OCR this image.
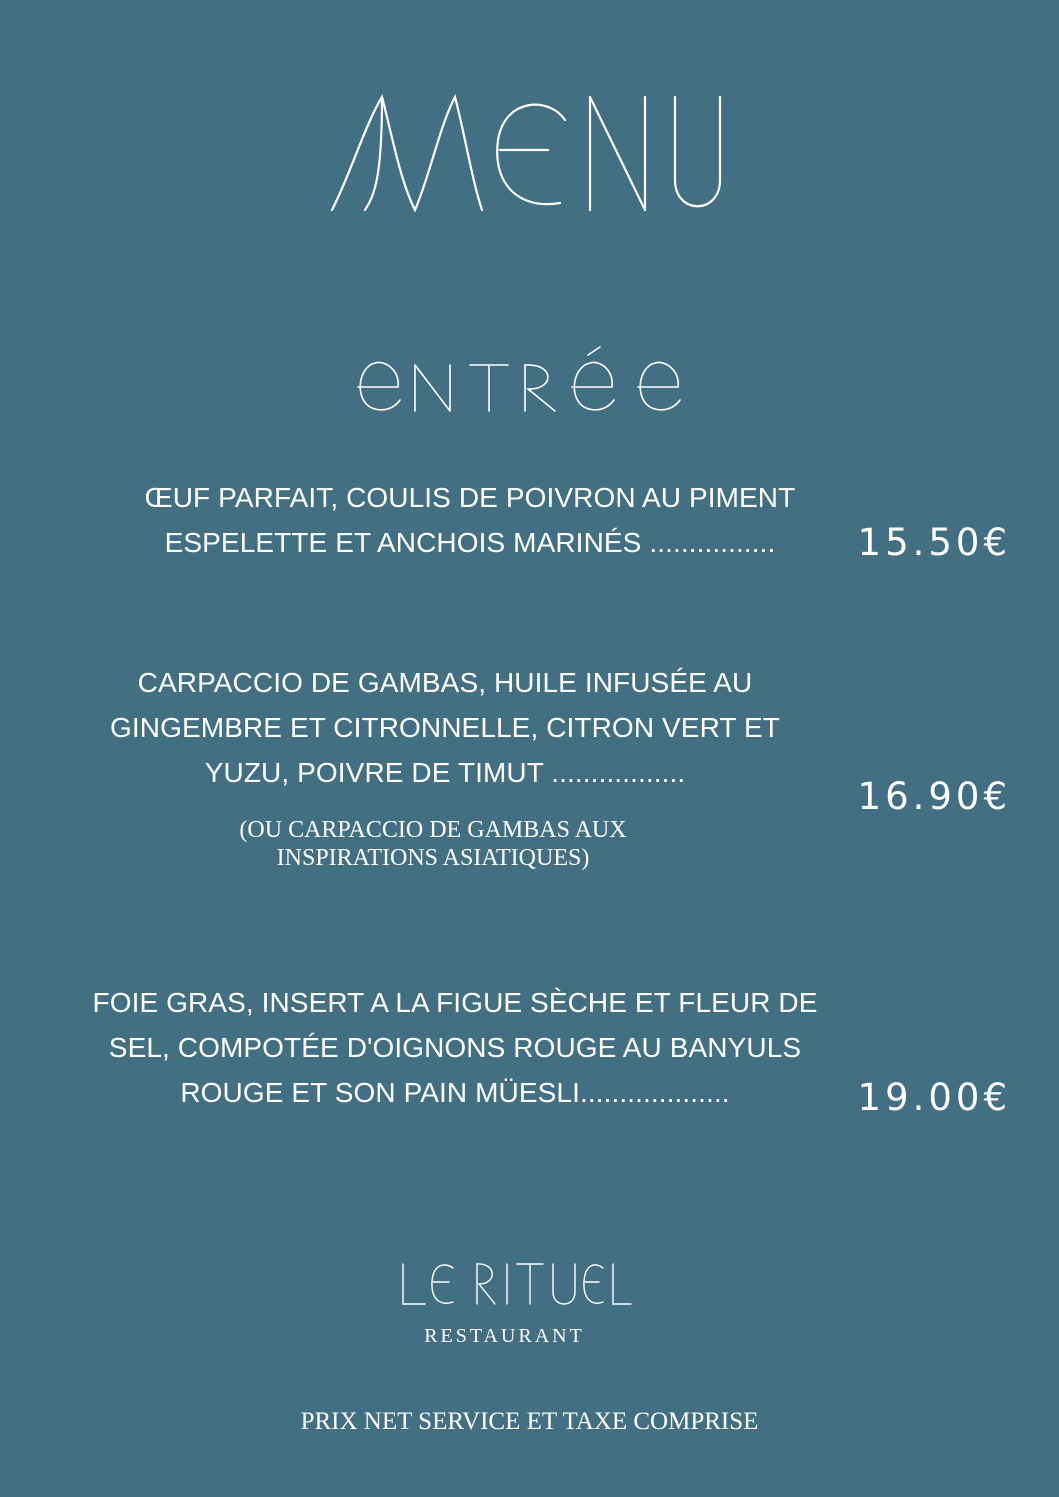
ŒUF PARFAIT, COULIS DE POIVRON AU PIMENT
ESPELETTE ET ANCHOIS MARINÉS ................	15.50€
CARPACCIO DE GAMBAS, HUILE INFUSÉE AU
GINGEMBRE ET CITRONNELLE, CITRON VERT ET
YUZU, POIVRE DE TIMUT .................
(OU CARPACCIO DE GAMBAS AUX
INSPIRATIONS ASIATIQUES)
16.90€
FOIE GRAS, INSERT A LA FIGUE SÈCHE ET FLEUR DE
SEL, COMPOTÉE D'OIGNONS ROUGE AU BANYULS
ROUGE ET SON PAIN MÜESLI...................	19.00€
RESTAURANT
PRIX NET SERVICE ET TAXE COMPRISE
